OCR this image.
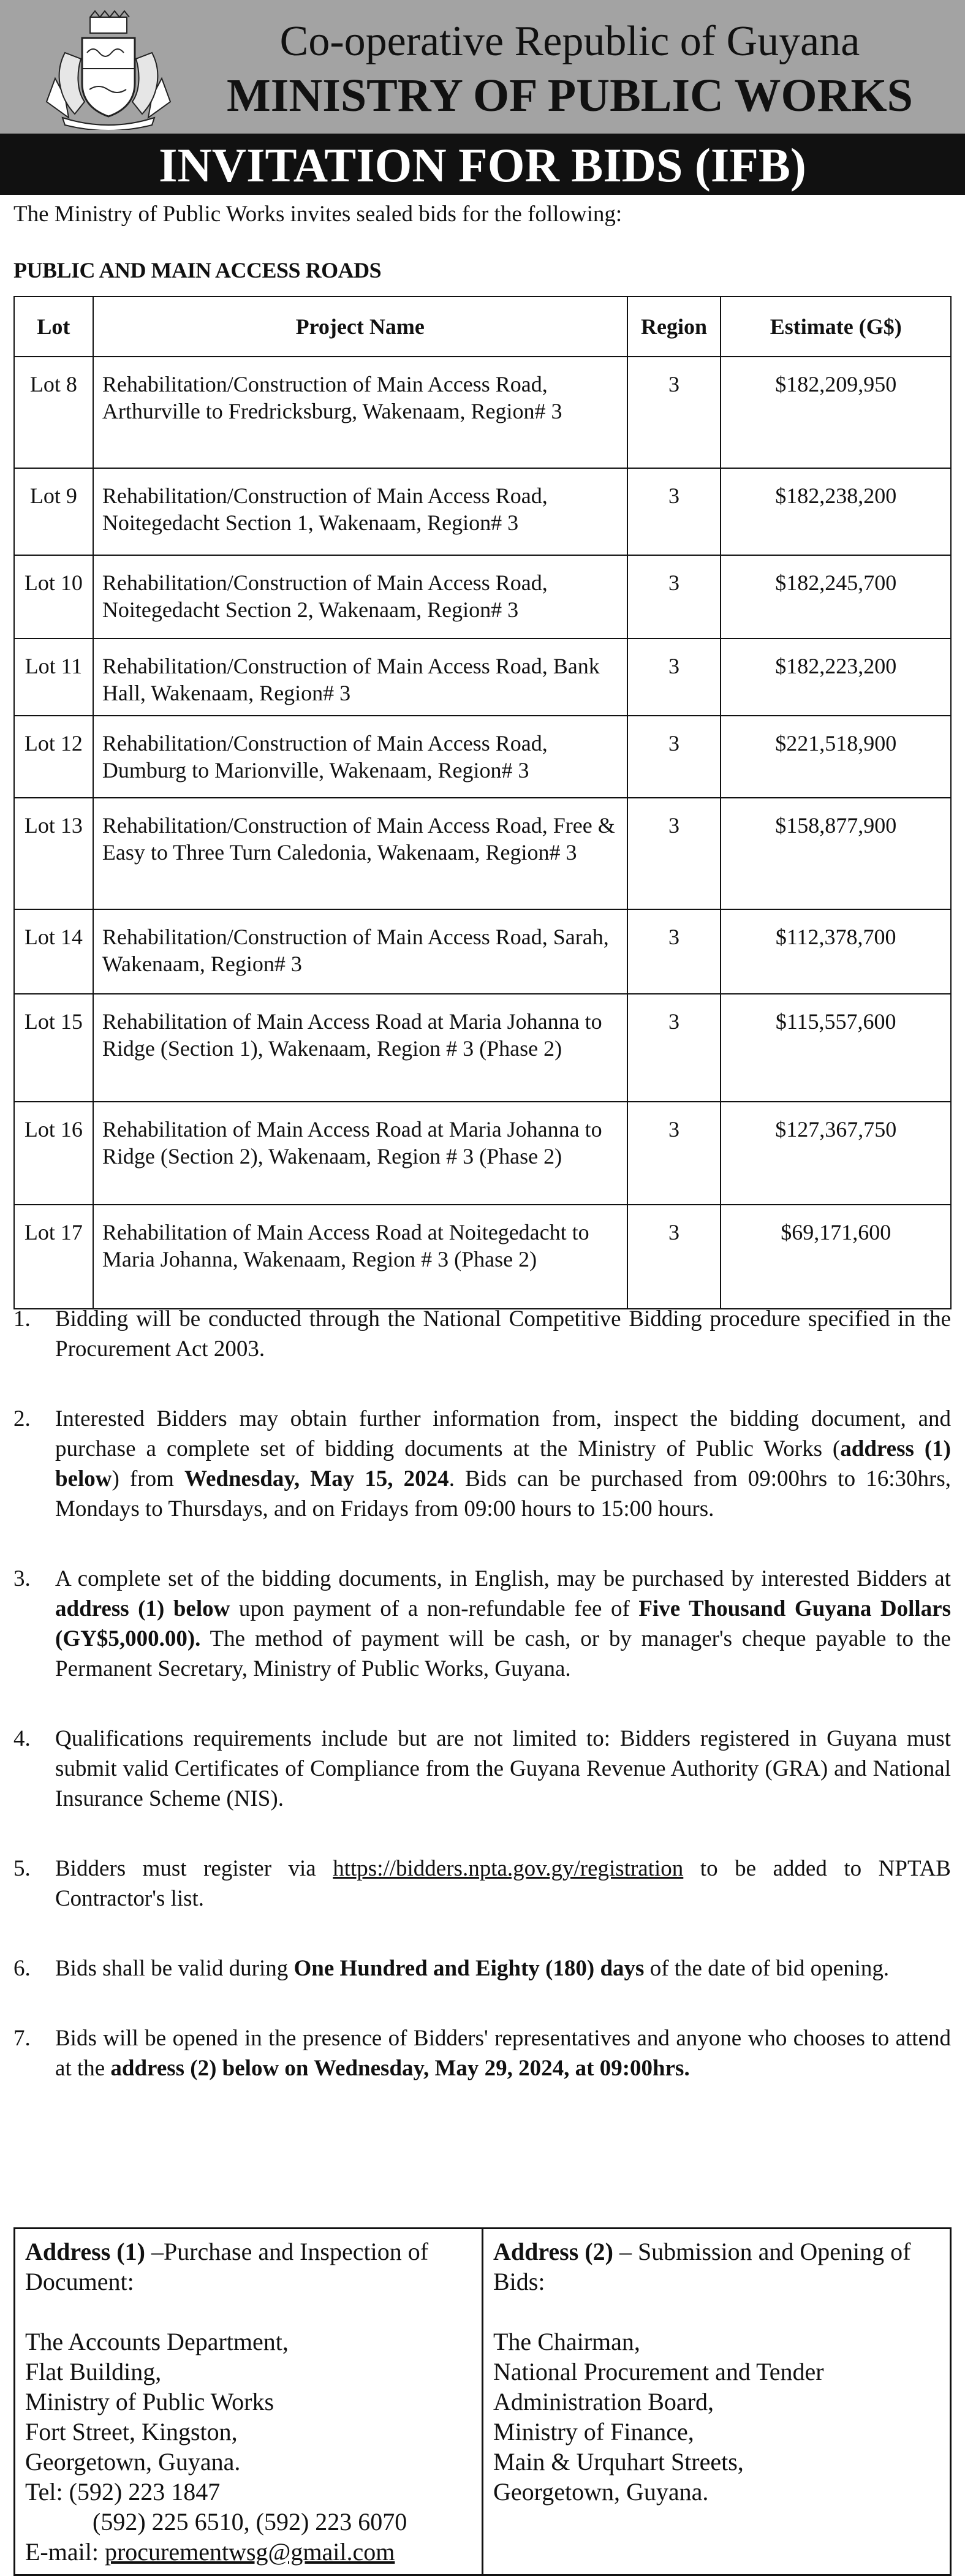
Co-operative Republic of Guyana
MINISTRY OF PUBLIC WORKS
INVITATION FOR BIDS (IFB)
The Ministry of Public Works invites sealed bids for the following:
PUBLIC AND MAIN ACCESS ROADS
Lot	Project Name	Region	Estimate (G$)
Lot 8	Rehabilitation/Construction of Main Access Road, Arthurville to Fredricksburg, Wakenaam, Region# 3	3	$182,209,950
Lot 9	Rehabilitation/Construction of Main Access Road, Noitegedacht Section 1, Wakenaam, Region# 3	3	$182,238,200
Lot 10	Rehabilitation/Construction of Main Access Road, Noitegedacht Section 2, Wakenaam, Region# 3	3	$182,245,700
Lot 11	Rehabilitation/Construction of Main Access Road, Bank Hall, Wakenaam, Region# 3	3	$182,223,200
Lot 12	Rehabilitation/Construction of Main Access Road, Dumburg to Marionville, Wakenaam, Region# 3	3	$221,518,900
Lot 13	Rehabilitation/Construction of Main Access Road, Free & Easy to Three Turn Caledonia, Wakenaam, Region# 3	3	$158,877,900
Lot 14	Rehabilitation/Construction of Main Access Road, Sarah, Wakenaam, Region# 3	3	$112,378,700
Lot 15	Rehabilitation of Main Access Road at Maria Johanna to Ridge (Section 1), Wakenaam, Region # 3 (Phase 2)	3	$115,557,600
Lot 16	Rehabilitation of Main Access Road at Maria Johanna to Ridge (Section 2), Wakenaam, Region # 3 (Phase 2)	3	$127,367,750
Lot 17	Rehabilitation of Main Access Road at Noitegedacht to Maria Johanna, Wakenaam, Region # 3 (Phase 2)	3	$69,171,600
1.	Bidding will be conducted through the National Competitive Bidding procedure specified in the Procurement Act 2003.
2.	Interested Bidders may obtain further information from, inspect the bidding document, and purchase a complete set of bidding documents at the Ministry of Public Works (address (1) below) from Wednesday, May 15, 2024. Bids can be purchased from 09:00hrs to 16:30hrs, Mondays to Thursdays, and on Fridays from 09:00 hours to 15:00 hours.
3.	A complete set of the bidding documents, in English, may be purchased by interested Bidders at address (1) below upon payment of a non-refundable fee of Five Thousand Guyana Dollars (GY$5,000.00). The method of payment will be cash, or by manager's cheque payable to the Permanent Secretary, Ministry of Public Works, Guyana.
4.	Qualifications requirements include but are not limited to: Bidders registered in Guyana must submit valid Certificates of Compliance from the Guyana Revenue Authority (GRA) and National Insurance Scheme (NIS).
5.	Bidders must register via https://bidders.npta.gov.gy/registration to be added to NPTAB Contractor's list.
6.	Bids shall be valid during One Hundred and Eighty (180) days of the date of bid opening.
7.	Bids will be opened in the presence of Bidders' representatives and anyone who chooses to attend at the address (2) below on Wednesday, May 29, 2024, at 09:00hrs.
Address (1) –Purchase and Inspection of Document:
The Accounts Department,
Flat Building,
Ministry of Public Works
Fort Street, Kingston,
Georgetown, Guyana.
Tel: (592) 223 1847
(592) 225 6510, (592) 223 6070
E-mail: procurementwsg@gmail.com

Address (2) – Submission and Opening of Bids:
The Chairman,
National Procurement and Tender Administration Board,
Ministry of Finance,
Main & Urquhart Streets,
Georgetown, Guyana.
